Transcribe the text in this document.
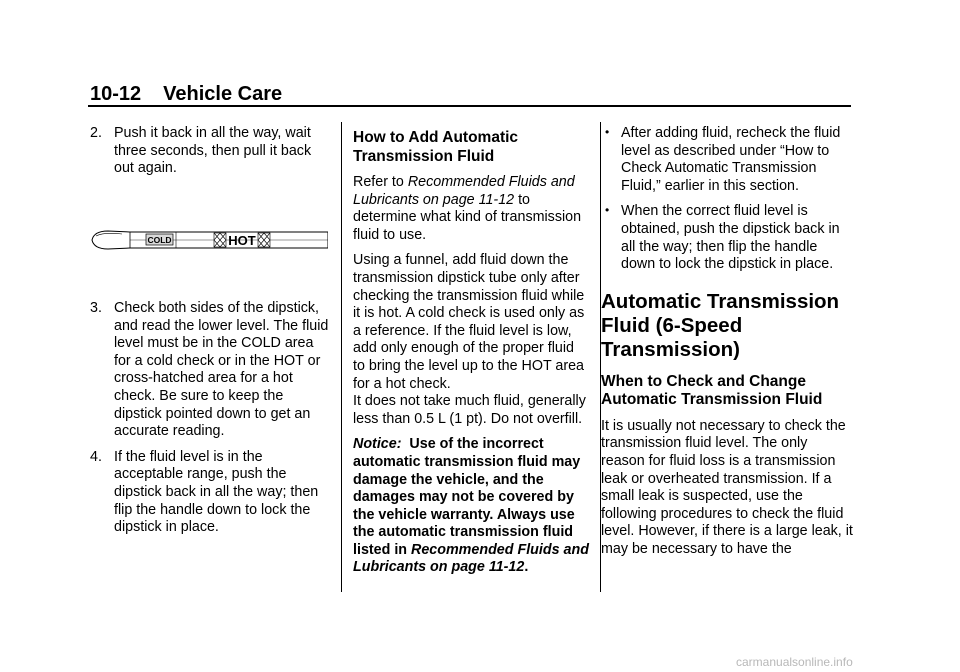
10-12 Vehicle Care

2. Push it back in all the way, wait three seconds, then pull it back out again.

COLD	HOT

3. Check both sides of the dipstick, and read the lower level. The fluid level must be in the COLD area for a cold check or in the HOT or cross-hatched area for a hot check. Be sure to keep the dipstick pointed down to get an accurate reading.

4. If the fluid level is in the acceptable range, push the dipstick back in all the way; then flip the handle down to lock the dipstick in place.

How to Add Automatic Transmission Fluid

Refer to Recommended Fluids and Lubricants on page 11-12 to determine what kind of transmission fluid to use.

Using a funnel, add fluid down the transmission dipstick tube only after checking the transmission fluid while it is hot. A cold check is used only as a reference. If the fluid level is low, add only enough of the proper fluid to bring the level up to the HOT area for a hot check.

It does not take much fluid, generally less than 0.5 L (1 pt). Do not overfill.

Notice: Use of the incorrect automatic transmission fluid may damage the vehicle, and the damages may not be covered by the vehicle warranty. Always use the automatic transmission fluid listed in Recommended Fluids and Lubricants on page 11-12.

• After adding fluid, recheck the fluid level as described under “How to Check Automatic Transmission Fluid,” earlier in this section.

• When the correct fluid level is obtained, push the dipstick back in all the way; then flip the handle down to lock the dipstick in place.

Automatic Transmission Fluid (6-Speed Transmission)
When to Check and Change Automatic Transmission Fluid

It is usually not necessary to check the transmission fluid level. The only reason for fluid loss is a transmission leak or overheated transmission. If a small leak is suspected, use the following procedures to check the fluid level. However, if there is a large leak, it may be necessary to have the

carmanualsonline.info
